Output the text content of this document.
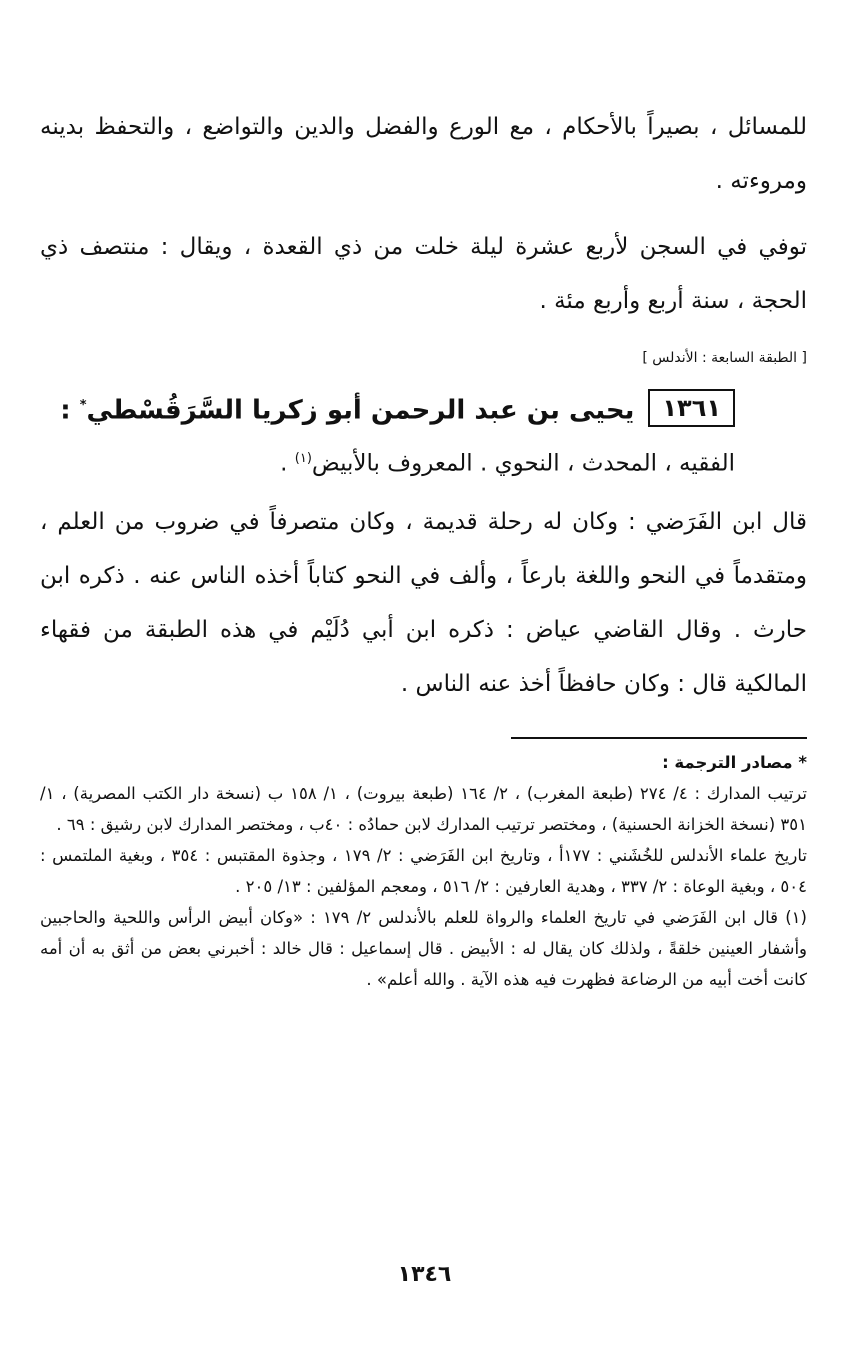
للمسائل ، بصيراً بالأحكام ، مع الورع والفضل والدين والتواضع ، والتحفظ بدينه ومروءته .

توفي في السجن لأربع عشرة ليلة خلت من ذي القعدة ، ويقال : منتصف ذي الحجة ، سنة أربع وأربع مئة .

[ الطبقة السابعة : الأندلس ]
١٣٦١
يحيى بن عبد الرحمن أبو زكريا السَّرَقُسْطي* :
الفقيه ، المحدث ، النحوي . المعروف بالأبيض$^{(١)}$ .

قال ابن الفَرَضي : وكان له رحلة قديمة ، وكان متصرفاً في ضروب من العلم ، ومتقدماً في النحو واللغة بارعاً ، وألف في النحو كتاباً أخذه الناس عنه . ذكره ابن حارث . وقال القاضي عياض : ذكره ابن أبي دُلَيْم في هذه الطبقة من فقهاء المالكية قال : وكان حافظاً أخذ عنه الناس .

* مصادر الترجمة :

ترتيب المدارك : ٤/ ٢٧٤ (طبعة المغرب) ، ٢/ ١٦٤ (طبعة بيروت) ، ١/ ١٥٨ ب (نسخة دار الكتب المصرية) ، ١/ ٣٥١ (نسخة الخزانة الحسنية) ، ومختصر ترتيب المدارك لابن حمادُه : ٤٠ب ، ومختصر المدارك لابن رشيق : ٦٩ .

تاريخ علماء الأندلس للخُشَني : ١٧٧أ ، وتاريخ ابن الفَرَضي : ٢/ ١٧٩ ، وجذوة المقتبس : ٣٥٤ ، وبغية الملتمس : ٥٠٤ ، وبغية الوعاة : ٢/ ٣٣٧ ، وهدية العارفين : ٢/ ٥١٦ ، ومعجم المؤلفين : ١٣/ ٢٠٥ .

(١) قال ابن الفَرَضي في تاريخ العلماء والرواة للعلم بالأندلس ٢/ ١٧٩ : «وكان أبيض الرأس واللحية والحاجبين وأشفار العينين خلقةً ، ولذلك كان يقال له : الأبيض . قال إسماعيل : قال خالد : أخبرني بعض من أثق به أن أمه كانت أخت أبيه من الرضاعة فظهرت فيه هذه الآية . والله أعلم» .

١٣٤٦
